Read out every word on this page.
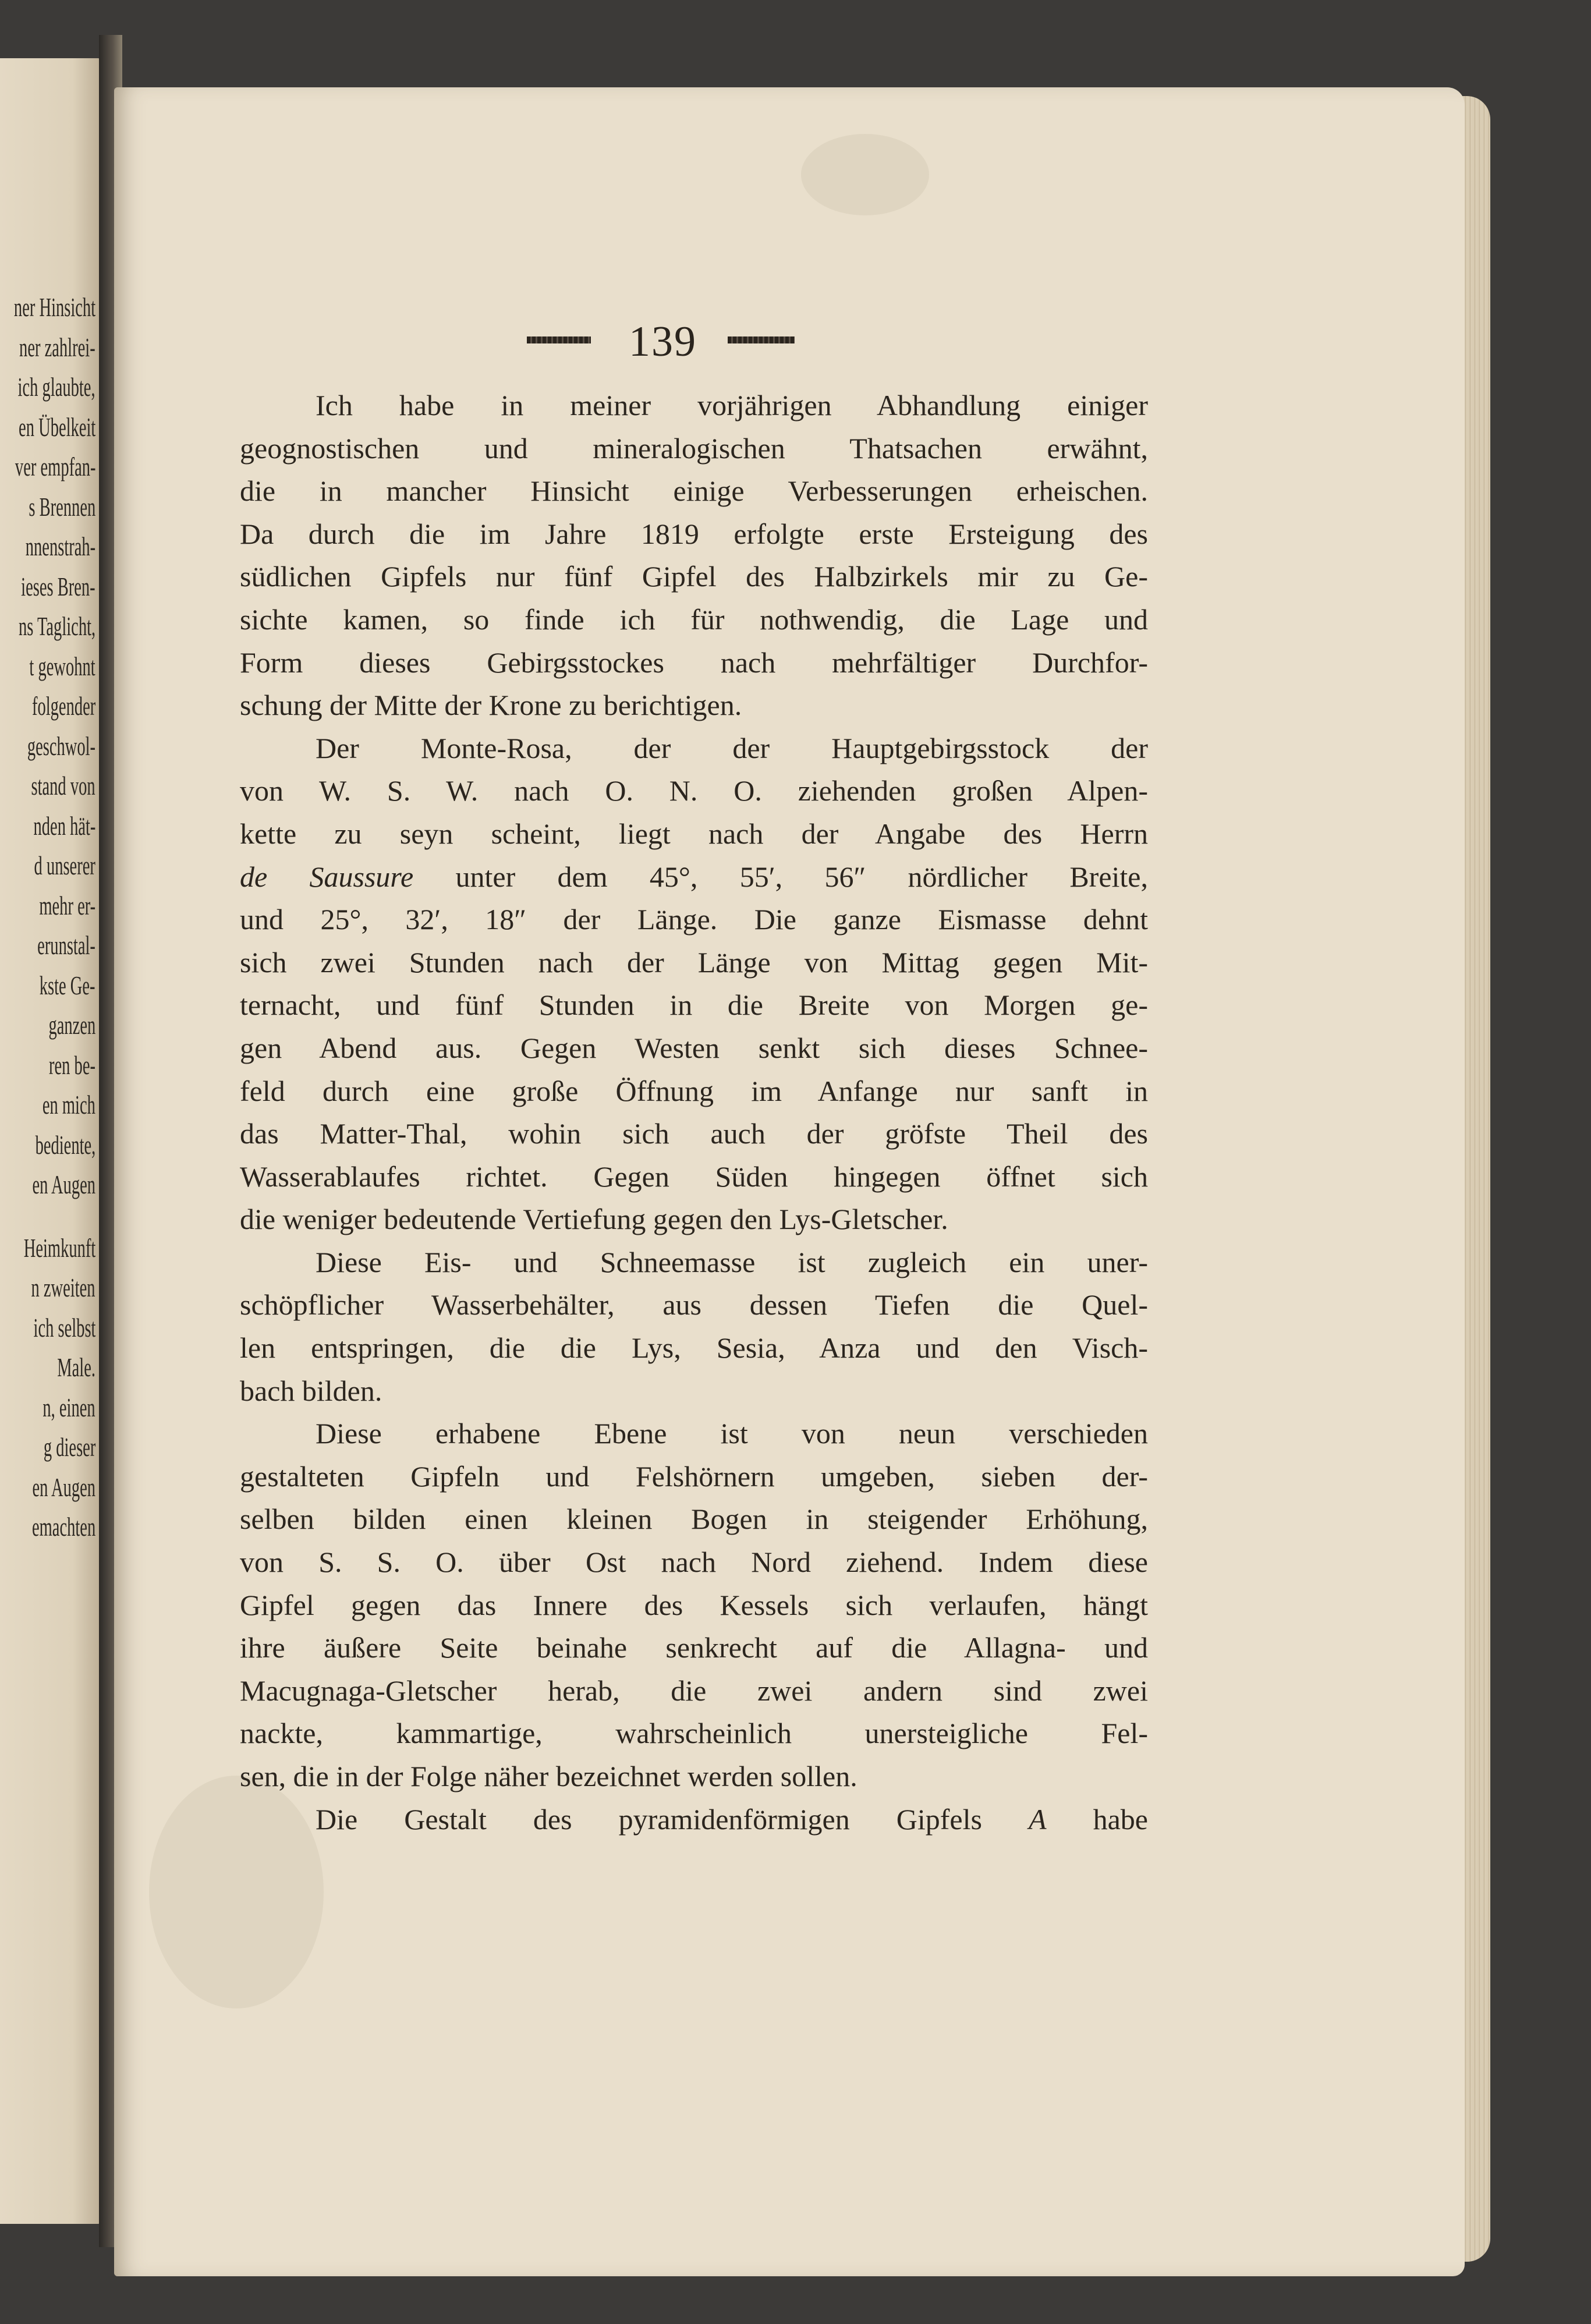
ner Hinsicht
ner zahlrei-
ich glaubte,
en Übelkeit
ver empfan-
s Brennen
nnenstrah-
ieses Bren-
ns Taglicht,
t gewohnt
folgender
geschwol-
stand von
nden hät-
d unserer
mehr er-
erunstal-
kste Ge-
ganzen
ren be-
en mich
bediente,
en Augen
Heimkunft
n zweiten
ich selbst
Male.
n, einen
g dieser
en Augen
emachten
139
Ich habe in meiner vorjährigen Abhandlung einiger
geognostischen und mineralogischen Thatsachen erwähnt,
die in mancher Hinsicht einige Verbesserungen erheischen.
Da durch die im Jahre 1819 erfolgte erste Ersteigung des
südlichen Gipfels nur fünf Gipfel des Halbzirkels mir zu Ge-
sichte kamen, so finde ich für nothwendig, die Lage und
Form dieses Gebirgsstockes nach mehrfältiger Durchfor-
schung der Mitte der Krone zu berichtigen.
Der Monte-Rosa, der der Hauptgebirgsstock der
von W. S. W. nach O. N. O. ziehenden großen Alpen-
kette zu seyn scheint, liegt nach der Angabe des Herrn
de Saussure unter dem 45°, 55′, 56″ nördlicher Breite,
und 25°, 32′, 18″ der Länge. Die ganze Eismasse dehnt
sich zwei Stunden nach der Länge von Mittag gegen Mit-
ternacht, und fünf Stunden in die Breite von Morgen ge-
gen Abend aus. Gegen Westen senkt sich dieses Schnee-
feld durch eine große Öffnung im Anfange nur sanft in
das Matter-Thal, wohin sich auch der gröfste Theil des
Wasserablaufes richtet. Gegen Süden hingegen öffnet sich
die weniger bedeutende Vertiefung gegen den Lys-Gletscher.
Diese Eis- und Schneemasse ist zugleich ein uner-
schöpflicher Wasserbehälter, aus dessen Tiefen die Quel-
len entspringen, die die Lys, Sesia, Anza und den Visch-
bach bilden.
Diese erhabene Ebene ist von neun verschieden
gestalteten Gipfeln und Felshörnern umgeben, sieben der-
selben bilden einen kleinen Bogen in steigender Erhöhung,
von S. S. O. über Ost nach Nord ziehend. Indem diese
Gipfel gegen das Innere des Kessels sich verlaufen, hängt
ihre äußere Seite beinahe senkrecht auf die Allagna- und
Macugnaga-Gletscher herab, die zwei andern sind zwei
nackte, kammartige, wahrscheinlich unersteigliche Fel-
sen, die in der Folge näher bezeichnet werden sollen.
Die Gestalt des pyramidenförmigen Gipfels A habe
